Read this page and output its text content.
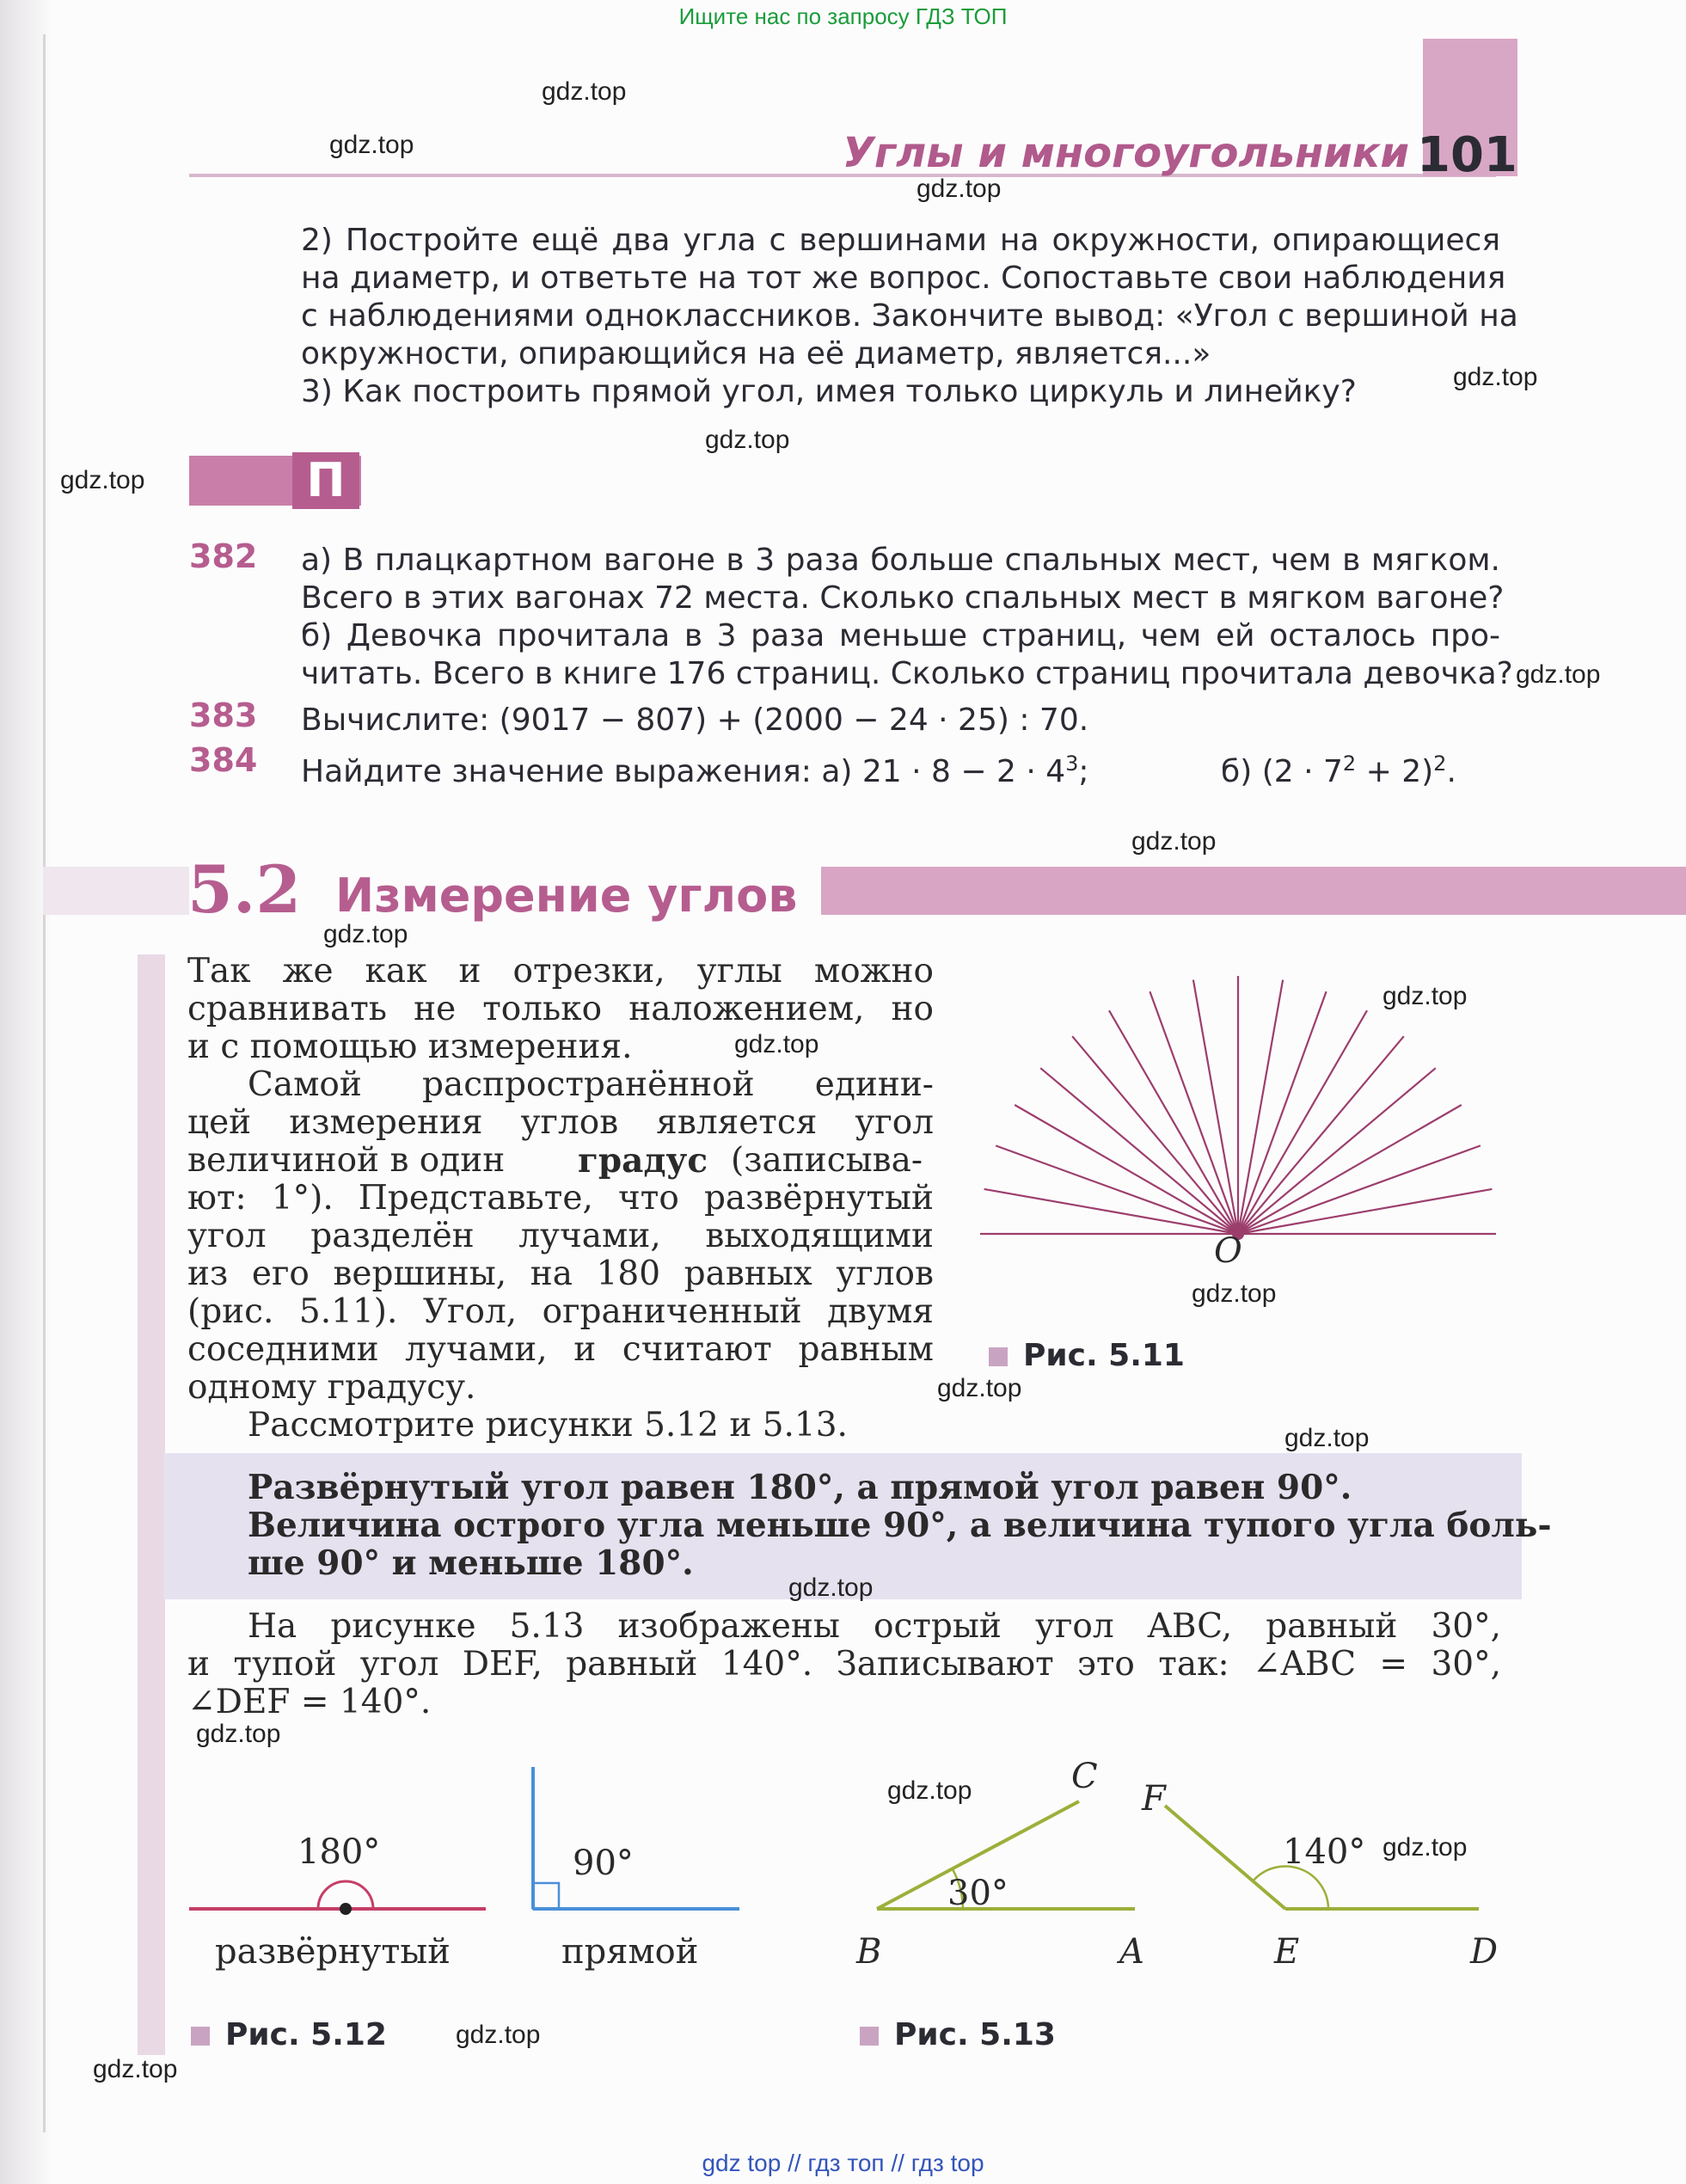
Ищите нас по запросу ГДЗ ТОП
Углы и многоугольники 101
2) Постройте ещё два угла с вершинами на окружности, опирающиеся
на диаметр, и ответьте на тот же вопрос. Сопоставьте свои наблюдения
с наблюдениями одноклассников. Закончите вывод: «Угол с вершиной на
окружности, опирающийся на её диаметр, является...»
3) Как построить прямой угол, имея только циркуль и линейку?
П
382 а) В плацкартном вагоне в 3 раза больше спальных мест, чем в мягком.
Всего в этих вагонах 72 места. Сколько спальных мест в мягком вагоне?
б) Девочка прочитала в 3 раза меньше страниц, чем ей осталось про-
читать. Всего в книге 176 страниц. Сколько страниц прочитала девочка?
383 Вычислите: (9017 − 807) + (2000 − 24 · 25) : 70.
384 Найдите значение выражения: а) $21 \cdot 8 - 2 \cdot 4^3$;	б) $(2 \cdot 7^2 + 2)^2$.
5.2 Измерение углов
Так же как и отрезки, углы можно
сравнивать не только наложением, но
и с помощью измерения.
Самой распространённой едини-
цей измерения углов является угол
величиной в один градус (записыва-
ют: 1°). Представьте, что развёрнутый
угол разделён лучами, выходящими
из его вершины, на 180 равных углов
(рис. 5.11). Угол, ограниченный двумя
соседними лучами, и считают равным
одному градусу.
Рассмотрите рисунки 5.12 и 5.13.
O
Рис. 5.11
Развёрнутый угол равен 180°, а прямой угол равен 90°.
Величина острого угла меньше 90°, а величина тупого угла боль-
ше 90° и меньше 180°.
На рисунке 5.13 изображены острый угол ABC, равный 30°,
и тупой угол DEF, равный 140°. Записывают это так: ∠ABC = 30°,
∠DEF = 140°.
180°	90°
развёрнутый	прямой
Рис. 5.12
30°
B	A
C
140°
E	D
F
Рис. 5.13
gdz.top
gdz.top
gdz.top
gdz.top
gdz.top
gdz.top
gdz.top
gdz.top
gdz.top
gdz.top
gdz.top
gdz.top
gdz.top
gdz.top
gdz.top
gdz.top
gdz.top
gdz.top
gdz.top
gdz.top
gdz top // гдз топ // гдз top
